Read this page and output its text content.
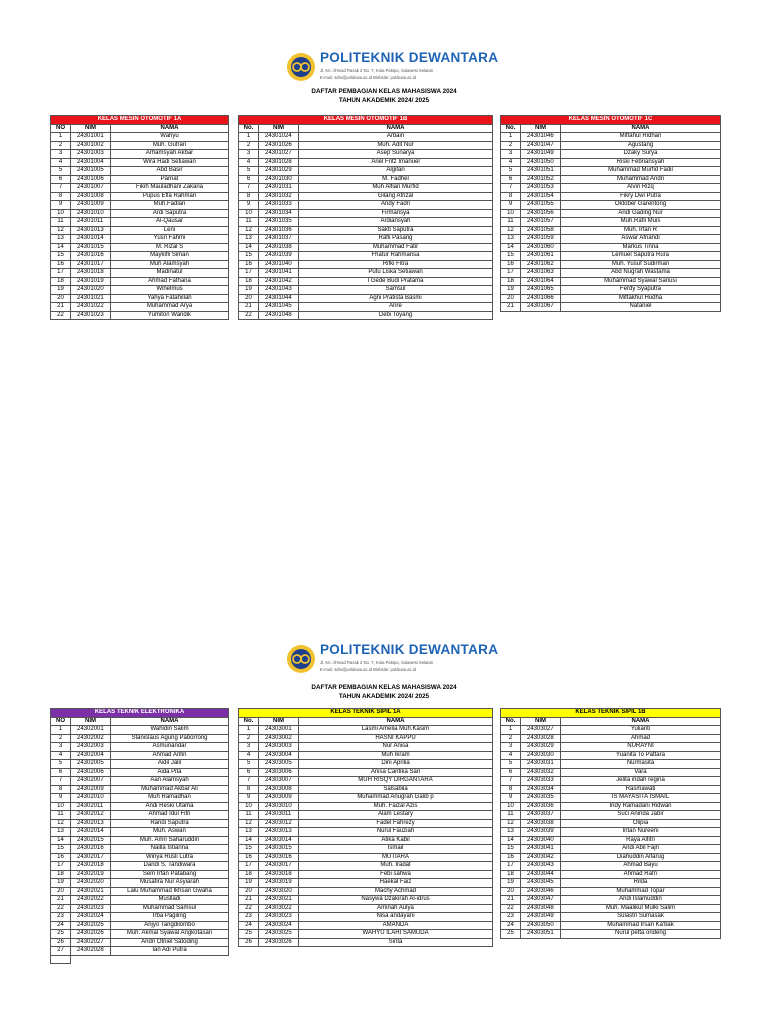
POLITEKNIK DEWANTARA
Jl. Kri. Ahmad Razak 2 No. 7, Kota Palopo, Sulawesi Selatan
E-mail: sdm@poldewa.ac.id Website: poldewa.ac.id
DAFTAR PEMBAGIAN KELAS MAHASISWA 2024
TAHUN AKADEMIK 2024/ 2025
KELAS MESIN OTOMOTIF 1A		
NO	NIM	NAMA
1	24301001	Wahyu
2	24301002	Muh. Gufran
3	24301003	Arhamsyah Akbar
4	24301004	Wira Hadi Setiawan
5	24301005	Abd Basir
6	24301006	Parnat
7	24301007	Fikih Mauladhani Zakaria
8	24301008	Pupus Efla Rahman
9	24301009	Muh.Fadlan
10	24301010	Ardi Saputra
11	24301011	Al-Qausar
12	24301013	Leni
13	24301014	Yusri Fahmi
14	24301015	M. Rizal S
15	24301016	Maykifli Siman
16	24301017	Muh Alamsyah
17	24301018	Madinatul
18	24301019	Ahmad Fathana
19	24301020	Wihelmus
20	24301021	Yahya Fatahillah
21	24301022	Muhammad Arya
22	24301023	Yumiton Wandik
KELAS MESIN OTOMOTIF 1B		
No.	NIM	NAMA
1	24301024	Arbain
2	24301026	Muh. Adit Nur
3	24301027	Asep Sunarya
4	24301028	Ariel Fritz Imanuel
5	24301029	Algifari
6	24301030	M. Fadhel
7	24301031	Muh Alfian Murfid
8	24301032	Gilang Afrizal
9	24301033	Andy Fadri
10	24301034	Firmansya
11	24301035	Ardiansyah
12	24301036	Sakti Saputra
13	24301037	Rafli Pasang
14	24301038	Muhammad Fatir
15	24301039	Fhatur Rahmansa
16	24301040	Rifki Fitra
17	24301041	Putu Liska Setiawan
18	24301042	I Gede Budi Pratama
19	24301043	Samsul
20	24301044	Agni Pratista Basmi
21	24301045	Anre
22	24301048	Debi Toyang
KELAS MESIN OTOMOTIF 1C		
No.	NIM	NAMA
1	24301046	Miftahul Ridhan
2	24301047	Agustang
3	24301049	Dzaky Surya
4	24301050	Riski Febriansyah
5	24301051	Muhammad Murfid Fadil
6	24301052	Muhammad Andri
7	24301053	Alvin Rizq
8	24301054	Fikry Dwi Putra
9	24301055	Oktober Garentong
10	24301056	Andi Gading Nur
11	24301057	Muh.Rafli Muis
12	24301058	Muh. Irfan R
13	24301059	Aswar Afriandi
14	24301060	Markus Tinna
15	24301061	Lemuel Saputra Rura
16	24301062	Muh. Yusuf Sudirman
17	24301063	Abd Nugrah Wastama
18	24301064	Muhammad Syawal Sanusi
19	24301065	Ferdy Syaputra
20	24301066	Miftakhul Hudha
21	24301067	Nataniel
POLITEKNIK DEWANTARA
Jl. Kri. Ahmad Razak 2 No. 7, Kota Palopo, Sulawesi Selatan
E-mail: sdm@poldewa.ac.id Website: poldewa.ac.id
DAFTAR PEMBAGIAN KELAS MAHASISWA 2024
TAHUN AKADEMIK 2024/ 2025
KELAS TEKNIK ELEKTRONIKA		
NO	NIM	NAMA
1	24302001	Wahidin Salim
2	24302002	Stanislaus Agung Paborrong
3	24302003	Asmunandar
4	24302004	Ahmad Arifin
5	24302005	Aidil Jalil
6	24302006	Aida Pita
7	24302007	Aan Alamsyah
8	24302009	Muhammad Akbar Ali
9	24302010	Muh Ramadhan
10	24302011	Andi Reski Utama
11	24302012	Ahmad Idul Fitri
12	24302013	Randi Saputra
13	24302014	Muh. Aswan
14	24302015	Muh. Amri Saharuddin
15	24302016	Nailla Istianna
16	24302017	Winya Rusli Lutra
17	24302018	Dandi S. Tandiwara
18	24302019	Sem Irfan Patabang
19	24302020	Musafira Nur Asyiarah
20	24302021	Lalu Muhammad Ikhsan Gwaha
21	24302022	Muslladi
22	24302023	Muhammad Samsul
23	24302024	Irba Pagiling
24	24302025	Anjyo Tangdilombo
25	24302026	Muh. Akmal Syawal Angkotasan
26	24302027	Andri Otniel Satoding
27	24302028	Ian Adi Putra

KELAS TEKNIK SIPIL 1A		
No.	NIM	NAMA
1	24303001	Lasmi Amelia Muh.Kasim
2	24303002	HASNI KAPPU
3	24303003	Nur Anisa
4	24303004	Muh Ikram
5	24303005	Dini Aprilia
6	24303006	Anisa Cantika Sari
7	24303007	MUH RISQY DIRGANTARA
8	24303008	Salsabila
9	24303009	Muhammad Anugrah Galib p
10	24303010	Muh. Faizal Azis
11	24303011	Alam Lestary
12	24303012	Fadel Fahrezy
13	24303013	Nurul Fauziah
14	24303014	Atika Kabil
15	24303015	Ismail
16	24303016	MUTIARA
17	24303017	Muh. Iradat
18	24303018	Febi sahwa
19	24303019	Haekal Faiz
20	24303020	Machy Achmad
21	24303021	Nasywa Dzakirah Al-idrus
22	24303022	Aminah Aulya
23	24303023	Nisa andayani
24	24303024	AMANDA
25	24303025	WAHYU ILAHI SAMUDA
26	24303026	Sinta
KELAS TEKNIK SIPIL 1B		
No.	NIM	NAMA
1	24303027	Yulianti
2	24303028	Ahmad
3	24303029	NURAYNI
4	24303030	Yuanita To Pattara
5	24303031	Nurmasita
6	24303032	Vara
7	24303033	Jelita indah regina
8	24303034	Rasmawati
9	24303035	IS MAYASITA ISMAIL
10	24303036	Indy Ramadani Ridwan
11	24303037	Suci Aninda Jabir
12	24303038	Olipia
13	24303039	Intan Nureeni
14	24303040	Raya Alfitri
15	24303041	Andi Abil Fajri
16	24303042	Diahuddin Alfarug
17	24303043	Ahmad Bayu
18	24303044	Ahmad Rafi'i
19	24303045	Rilda
20	24303046	Muhammad Topar
21	24303047	Andi Islamuddin
22	24303048	Muh. Maalikul Mulki Salim
23	24303049	Sulastri Sumasak
24	24303050	Muhammad Irsan Ka'bak
25	24303051	Nurul petta ondeng
